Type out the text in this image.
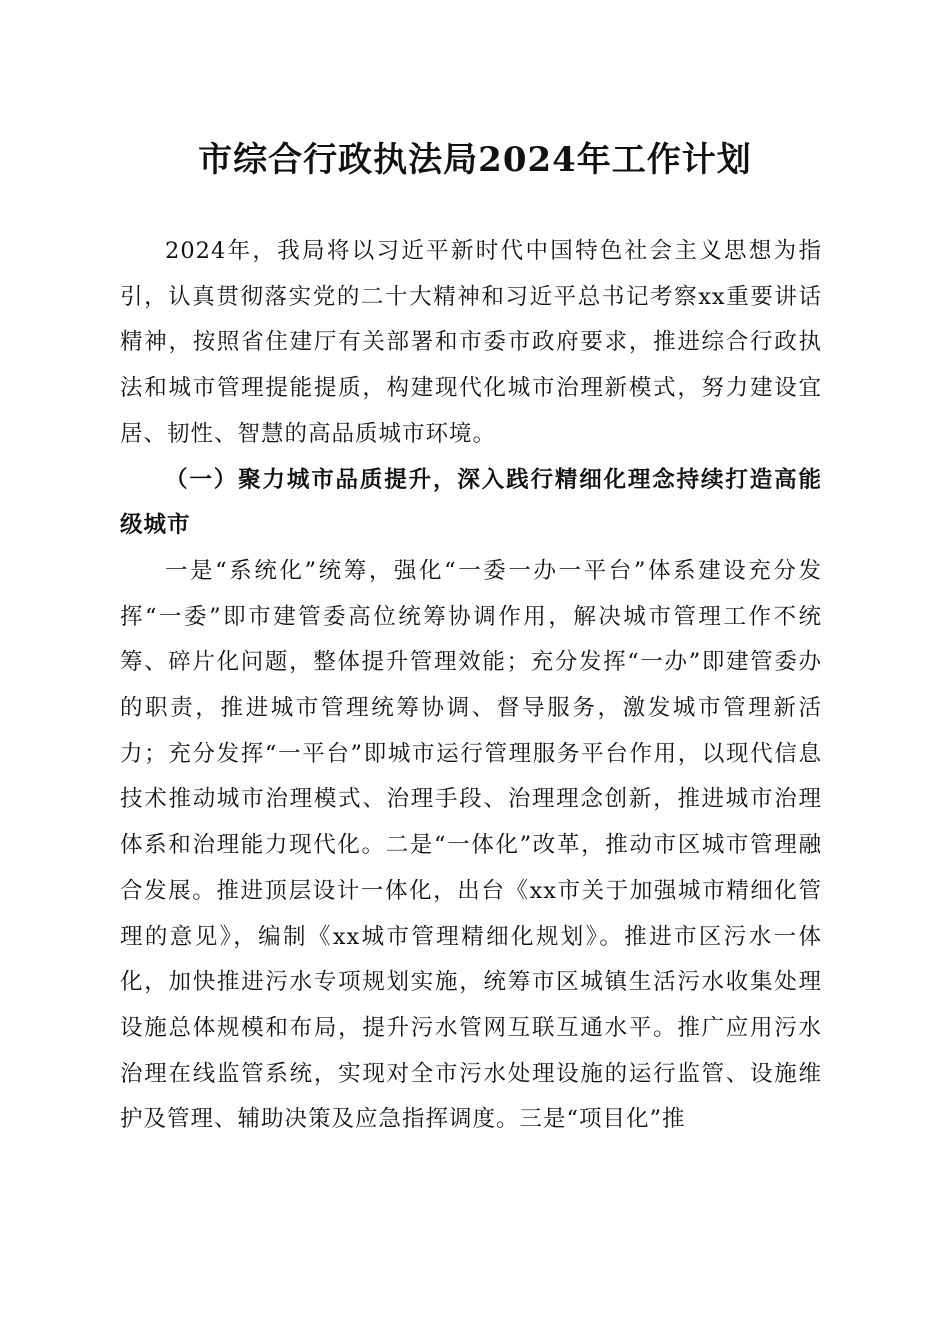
市综合行政执法局2024年工作计划

2024年，我局将以习近平新时代中国特色社会主义思想为指引，认真贯彻落实党的二十大精神和习近平总书记考察xx重要讲话精神，按照省住建厅有关部署和市委市政府要求，推进综合行政执法和城市管理提能提质，构建现代化城市治理新模式，努力建设宜居、韧性、智慧的高品质城市环境。

（一）聚力城市品质提升，深入践行精细化理念持续打造高能级城市

一是“系统化”统筹，强化“一委一办一平台”体系建设充分发挥“一委”即市建管委高位统筹协调作用，解决城市管理工作不统筹、碎片化问题，整体提升管理效能；充分发挥“一办”即建管委办的职责，推进城市管理统筹协调、督导服务，激发城市管理新活力；充分发挥“一平台”即城市运行管理服务平台作用，以现代信息技术推动城市治理模式、治理手段、治理理念创新，推进城市治理体系和治理能力现代化。二是“一体化”改革，推动市区城市管理融合发展。推进顶层设计一体化，出台《xx市关于加强城市精细化管理的意见》，编制《xx城市管理精细化规划》。推进市区污水一体化，加快推进污水专项规划实施，统筹市区城镇生活污水收集处理设施总体规模和布局，提升污水管网互联互通水平。推广应用污水治理在线监管系统，实现对全市污水处理设施的运行监管、设施维护及管理、辅助决策及应急指挥调度。三是“项目化”推
